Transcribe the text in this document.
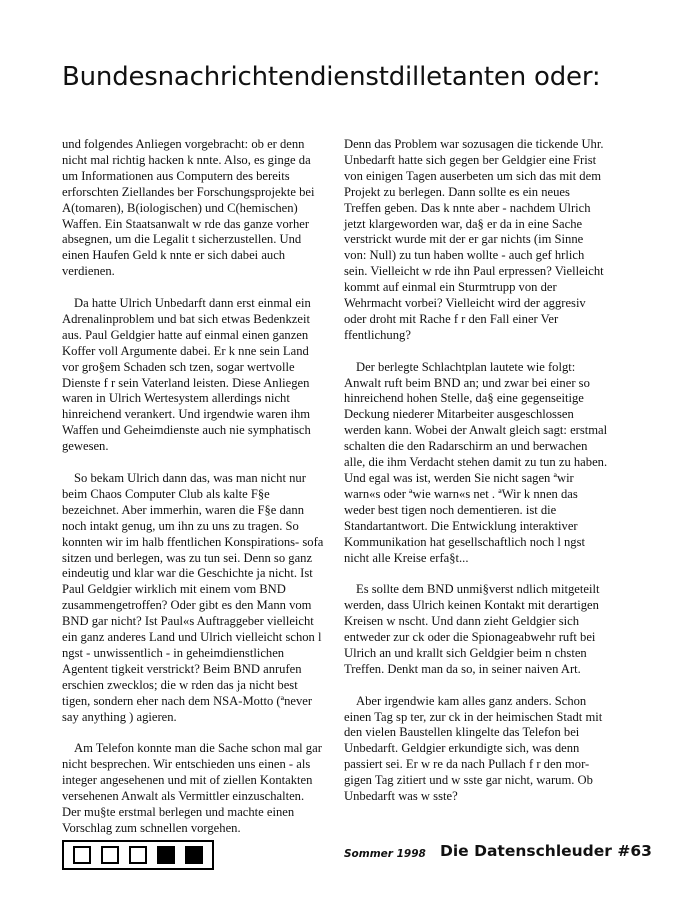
Bundesnachrichtendienstdilletanten oder:

und folgendes Anliegen vorgebracht: ob er denn nicht mal richtig hacken k nnte. Also, es ginge da um Informationen aus Computern des bereits erforschten Ziellandes ber Forschungsprojekte bei A(tomaren), B(iologischen) und C(hemischen) Waffen. Ein Staatsanwalt w rde das ganze vorher absegnen, um die Legalit t sicherzustellen. Und einen Haufen Geld k nnte er sich dabei auch verdienen.

Da hatte Ulrich Unbedarft dann erst einmal ein Adrenalinproblem und bat sich etwas Bedenkzeit aus. Paul Geldgier hatte auf einmal einen ganzen Koffer voll Argumente dabei. Er k nne sein Land vor gro§em Schaden sch tzen, sogar wertvolle Dienste f r sein Vaterland leisten. Diese Anliegen waren in Ulrich Wertesystem allerdings nicht hinreichend verankert. Und irgendwie waren ihm Waffen und Geheimdienste auch nie symphatisch gewesen.

So bekam Ulrich dann das, was man nicht nur beim Chaos Computer Club als kalte F§e bezeichnet. Aber immerhin, waren die F§e dann noch intakt genug, um ihn zu uns zu tragen. So konnten wir im halb ffentlichen Konspirations- sofa sitzen und berlegen, was zu tun sei. Denn so ganz eindeutig und klar war die Geschichte ja nicht. Ist Paul Geldgier wirklich mit einem vom BND zusammengetroffen? Oder gibt es den Mann vom BND gar nicht? Ist Paul«s Auftraggeber vielleicht ein ganz anderes Land und Ulrich vielleicht schon l ngst - unwissentlich - in geheimdienstlichen Agentent tigkeit verstrickt? Beim BND anrufen erschien zwecklos; die w rden das ja nicht best tigen, sondern eher nach dem NSA-Motto (ªnever say anything ) agieren.

Am Telefon konnte man die Sache schon mal gar nicht besprechen. Wir entschieden uns einen - als integer angesehenen und mit of ziellen Kontakten versehenen Anwalt als Vermittler einzuschalten. Der mu§te erstmal berlegen und machte einen Vorschlag zum schnellen vorgehen.

Denn das Problem war sozusagen die tickende Uhr. Unbedarft hatte sich gegen ber Geldgier eine Frist von einigen Tagen auserbeten um sich das mit dem Projekt zu berlegen. Dann sollte es ein neues Treffen geben. Das k nnte aber - nachdem Ulrich jetzt klargeworden war, da§ er da in eine Sache verstrickt wurde mit der er gar nichts (im Sinne von: Null) zu tun haben wollte - auch gef hrlich sein. Vielleicht w rde ihn Paul erpressen? Vielleicht kommt auf einmal ein Sturmtrupp von der Wehrmacht vorbei? Vielleicht wird der aggresiv oder droht mit Rache f r den Fall einer Ver ffentlichung?

Der berlegte Schlachtplan lautete wie folgt: Anwalt ruft beim BND an; und zwar bei einer so hinreichend hohen Stelle, da§ eine gegenseitige Deckung niederer Mitarbeiter ausgeschlossen werden kann. Wobei der Anwalt gleich sagt: erstmal schalten die den Radarschirm an und berwachen alle, die ihm Verdacht stehen damit zu tun zu haben. Und egal was ist, werden Sie nicht sagen ªwir warn«s oder ªwie warn«s net . ªWir k nnen das weder best tigen noch dementieren. ist die Standartantwort. Die Entwicklung interaktiver Kommunikation hat gesellschaftlich noch l ngst nicht alle Kreise erfa§t...

Es sollte dem BND unmi§verst ndlich mitgeteilt werden, dass Ulrich keinen Kontakt mit derartigen Kreisen w nscht. Und dann zieht Geldgier sich entweder zur ck oder die Spionageabwehr ruft bei Ulrich an und krallt sich Geldgier beim n chsten Treffen. Denkt man da so, in seiner naiven Art.

Aber irgendwie kam alles ganz anders. Schon einen Tag sp ter, zur ck in der heimischen Stadt mit den vielen Baustellen klingelte das Telefon bei Unbedarft. Geldgier erkundigte sich, was denn passiert sei. Er w re da nach Pullach f r den mor- gigen Tag zitiert und w sste gar nicht, warum. Ob Unbedarft was w sste?

Sommer 1998 Die Datenschleuder #63
